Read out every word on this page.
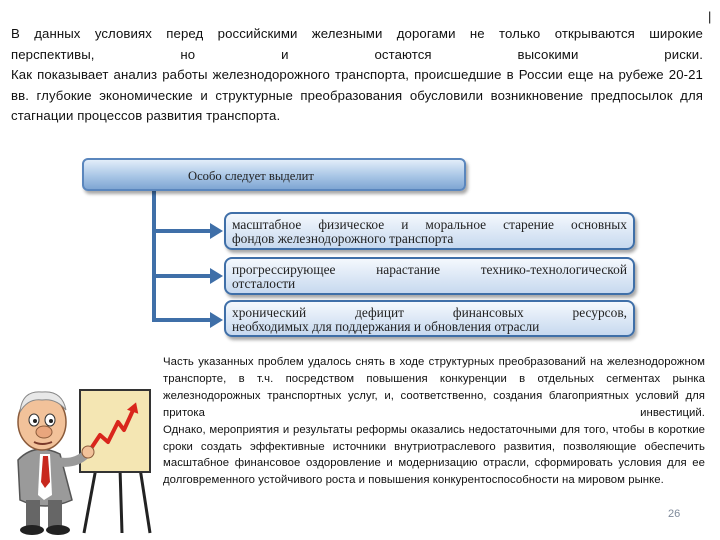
|

В данных условиях перед российскими железными дорогами не только открываются широкие

перспективы, но и остаются высокими риски.

Как показывает анализ работы железнодорожного транспорта, происшедшие в России еще на рубеже 20-21 вв. глубокие экономические и структурные преобразования обусловили возникновение предпосылок для стагнации процессов развития транспорта.

Особо следует выделит
масштабное физическое и моральное старение основных
фондов железнодорожного транспорта
прогрессирующее нарастание технико-технологической
отсталости
хронический дефицит финансовых ресурсов,
необходимых для поддержания и обновления отрасли
Часть указанных проблем удалось снять в ходе структурных преобразований на железнодорожном транспорте, в т.ч. посредством повышения конкуренции в отдельных сегментах рынка железнодорожных транспортных услуг, и, соответственно, создания благоприятных условий для притока инвестиций.
Однако, мероприятия и результаты реформы оказались недостаточными для того, чтобы в короткие сроки создать эффективные источники внутриотраслевого развития, позволяющие обеспечить масштабное финансовое оздоровление и модернизацию отрасли, сформировать условия для ее долговременного устойчивого роста и повышения конкурентоспособности на мировом рынке.
26
